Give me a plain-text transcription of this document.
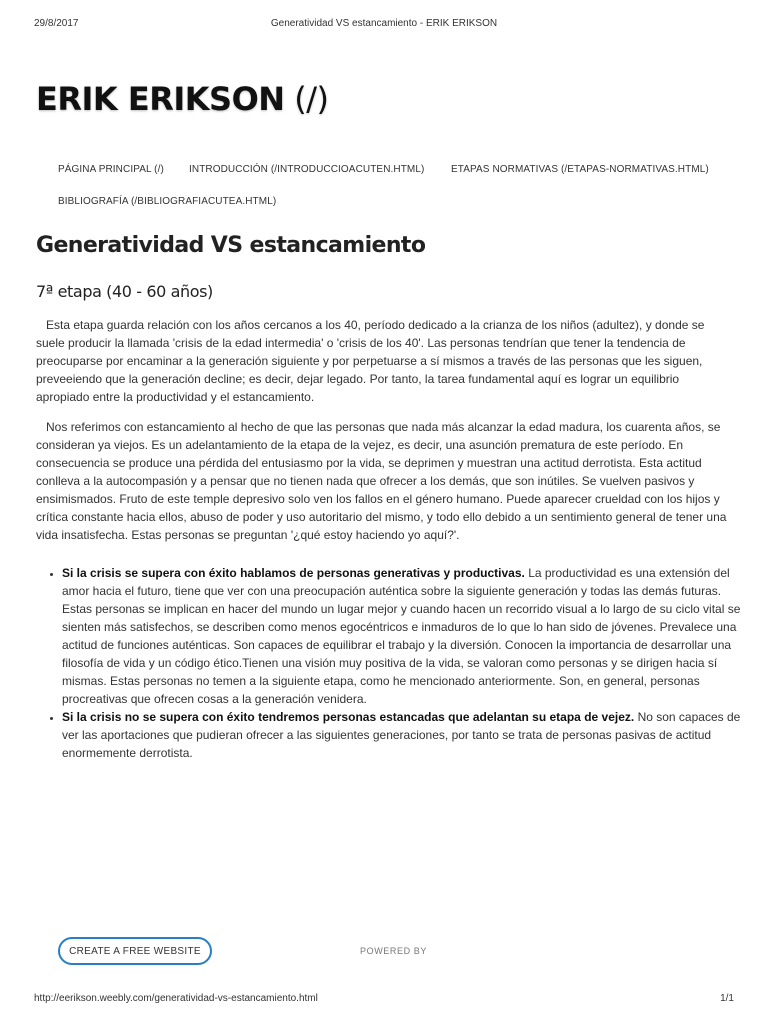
29/8/2017	Generatividad VS estancamiento - ERIK ERIKSON
ERIK ERIKSON (/)
PÁGINA PRINCIPAL (/)	INTRODUCCIÓN (/INTRODUCCIOACUTEN.HTML)	ETAPAS NORMATIVAS (/ETAPAS-NORMATIVAS.HTML)
BIBLIOGRAFÍA (/BIBLIOGRAFIACUTEA.HTML)
Generatividad VS estancamiento
7ª etapa (40 - 60 años)

Esta etapa guarda relación con los años cercanos a los 40, período dedicado a la crianza de los niños (adultez), y donde se suele producir la llamada 'crisis de la edad intermedia' o 'crisis de los 40'. Las personas tendrían que tener la tendencia de preocuparse por encaminar a la generación siguiente y por perpetuarse a sí mismos a través de las personas que les siguen, preveeiendo que la generación decline; es decir, dejar legado. Por tanto, la tarea fundamental aquí es lograr un equilibrio apropiado entre la productividad y el estancamiento.

Nos referimos con estancamiento al hecho de que las personas que nada más alcanzar la edad madura, los cuarenta años, se consideran ya viejos. Es un adelantamiento de la etapa de la vejez, es decir, una asunción prematura de este período. En consecuencia se produce una pérdida del entusiasmo por la vida, se deprimen y muestran una actitud derrotista. Esta actitud conlleva a la autocompasión y a pensar que no tienen nada que ofrecer a los demás, que son inútiles. Se vuelven pasivos y ensimismados. Fruto de este temple depresivo solo ven los fallos en el género humano. Puede aparecer crueldad con los hijos y crítica constante hacia ellos, abuso de poder y uso autoritario del mismo, y todo ello debido a un sentimiento general de tener una vida insatisfecha. Estas personas se preguntan '¿qué estoy haciendo yo aquí?'.

• Si la crisis se supera con éxito hablamos de personas generativas y productivas. La productividad es una extensión del amor hacia el futuro, tiene que ver con una preocupación auténtica sobre la siguiente generación y todas las demás futuras. Estas personas se implican en hacer del mundo un lugar mejor y cuando hacen un recorrido visual a lo largo de su ciclo vital se sienten más satisfechos, se describen como menos egocéntricos e inmaduros de lo que lo han sido de jóvenes. Prevalece una actitud de funciones auténticas. Son capaces de equilibrar el trabajo y la diversión. Conocen la importancia de desarrollar una filosofía de vida y un código ético.Tienen una visión muy positiva de la vida, se valoran como personas y se dirigen hacia sí mismas. Estas personas no temen a la siguiente etapa, como he mencionado anteriormente. Son, en general, personas procreativas que ofrecen cosas a la generación venidera.
• Si la crisis no se supera con éxito tendremos personas estancadas que adelantan su etapa de vejez. No son capaces de ver las aportaciones que pudieran ofrecer a las siguientes generaciones, por tanto se trata de personas pasivas de actitud enormemente derrotista.
CREATE A FREE WEBSITE	POWERED BY
http://eerikson.weebly.com/generatividad-vs-estancamiento.html	1/1
